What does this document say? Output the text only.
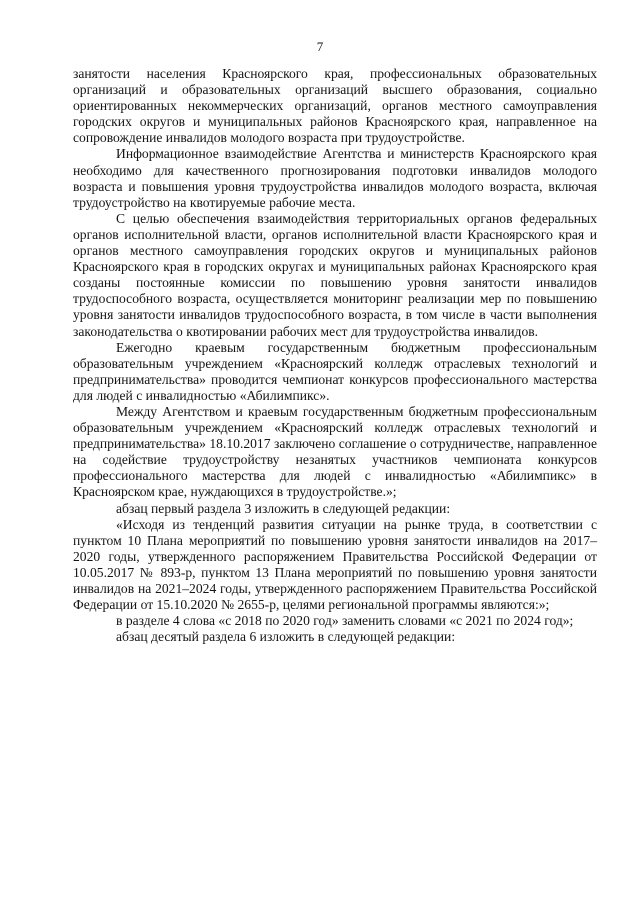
7

занятости населения Красноярского края, профессиональных образовательных организаций и образовательных организаций высшего образования, социально ориентированных некоммерческих организаций, органов местного самоуправления городских округов и муниципальных районов Красноярского края, направленное на сопровождение инвалидов молодого возраста при трудоустройстве.

Информационное взаимодействие Агентства и министерств Красноярского края необходимо для качественного прогнозирования подготовки инвалидов молодого возраста и повышения уровня трудоустройства инвалидов молодого возраста, включая трудоустройство на квотируемые рабочие места.

С целью обеспечения взаимодействия территориальных органов федеральных органов исполнительной власти, органов исполнительной власти Красноярского края и органов местного самоуправления городских округов и муниципальных районов Красноярского края в городских округах и муниципальных районах Красноярского края созданы постоянные комиссии по повышению уровня занятости инвалидов трудоспособного возраста, осуществляется мониторинг реализации мер по повышению уровня занятости инвалидов трудоспособного возраста, в том числе в части выполнения законодательства о квотировании рабочих мест для трудоустройства инвалидов.

Ежегодно краевым государственным бюджетным профессиональным образовательным учреждением «Красноярский колледж отраслевых технологий и предпринимательства» проводится чемпионат конкурсов профессионального мастерства для людей с инвалидностью «Абилимпикс».

Между Агентством и краевым государственным бюджетным профессиональным образовательным учреждением «Красноярский колледж отраслевых технологий и предпринимательства» 18.10.2017 заключено соглашение о сотрудничестве, направленное на содействие трудоустройству незанятых участников чемпионата конкурсов профессионального мастерства для людей с инвалидностью «Абилимпикс» в Красноярском крае, нуждающихся в трудоустройстве.»;

абзац первый раздела 3 изложить в следующей редакции:

«Исходя из тенденций развития ситуации на рынке труда, в соответствии с пунктом 10 Плана мероприятий по повышению уровня занятости инвалидов на 2017–2020 годы, утвержденного распоряжением Правительства Российской Федерации от 10.05.2017 № 893-р, пунктом 13 Плана мероприятий по повышению уровня занятости инвалидов на 2021–2024 годы, утвержденного распоряжением Правительства Российской Федерации от 15.10.2020 № 2655-р, целями региональной программы являются:»;

в разделе 4 слова «с 2018 по 2020 год» заменить словами «с 2021 по 2024 год»;

абзац десятый раздела 6 изложить в следующей редакции:
